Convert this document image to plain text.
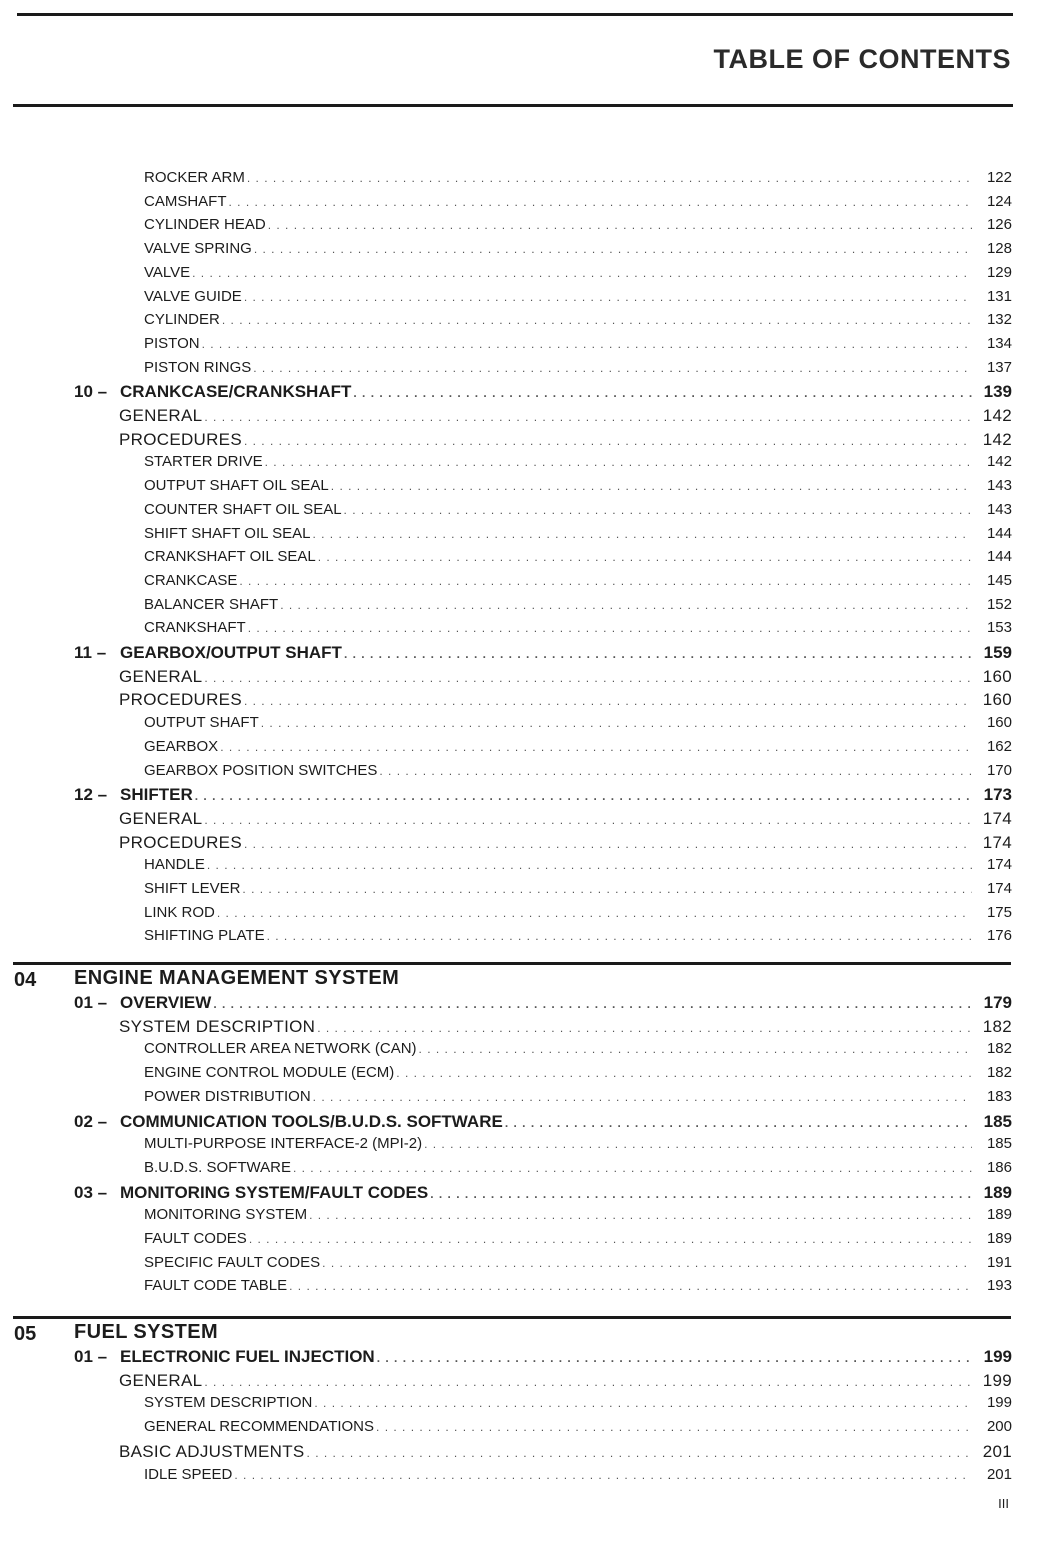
TABLE OF CONTENTS
ROCKER ARM . . .	122
CAMSHAFT . . .	124
CYLINDER HEAD . . .	126
VALVE SPRING . . .	128
VALVE . . .	129
VALVE GUIDE . . .	131
CYLINDER . . .	132
PISTON . . .	134
PISTON RINGS . . .	137
10 – CRANKCASE/CRANKSHAFT . . .	139
GENERAL . . .	142
PROCEDURES . . .	142
STARTER DRIVE . . .	142
OUTPUT SHAFT OIL SEAL . . .	143
COUNTER SHAFT OIL SEAL . . .	143
SHIFT SHAFT OIL SEAL . . .	144
CRANKSHAFT OIL SEAL . . .	144
CRANKCASE . . .	145
BALANCER SHAFT . . .	152
CRANKSHAFT . . .	153
11 – GEARBOX/OUTPUT SHAFT . . .	159
GENERAL . . .	160
PROCEDURES . . .	160
OUTPUT SHAFT . . .	160
GEARBOX . . .	162
GEARBOX POSITION SWITCHES . . .	170
12 – SHIFTER . . .	173
GENERAL . . .	174
PROCEDURES . . .	174
HANDLE . . .	174
SHIFT LEVER . . .	174
LINK ROD . . .	175
SHIFTING PLATE . . .	176
04 ENGINE MANAGEMENT SYSTEM
01 – OVERVIEW . . .	179
SYSTEM DESCRIPTION . . .	182
CONTROLLER AREA NETWORK (CAN) . . .	182
ENGINE CONTROL MODULE (ECM) . . .	182
POWER DISTRIBUTION . . .	183
02 – COMMUNICATION TOOLS/B.U.D.S. SOFTWARE . . .	185
MULTI-PURPOSE INTERFACE-2 (MPI-2) . . .	185
B.U.D.S. SOFTWARE . . .	186
03 – MONITORING SYSTEM/FAULT CODES . . .	189
MONITORING SYSTEM . . .	189
FAULT CODES . . .	189
SPECIFIC FAULT CODES . . .	191
FAULT CODE TABLE . . .	193
05 FUEL SYSTEM
01 – ELECTRONIC FUEL INJECTION . . .	199
GENERAL . . .	199
SYSTEM DESCRIPTION . . .	199
GENERAL RECOMMENDATIONS . . .	200
BASIC ADJUSTMENTS . . .	201
IDLE SPEED . . .	201
III
